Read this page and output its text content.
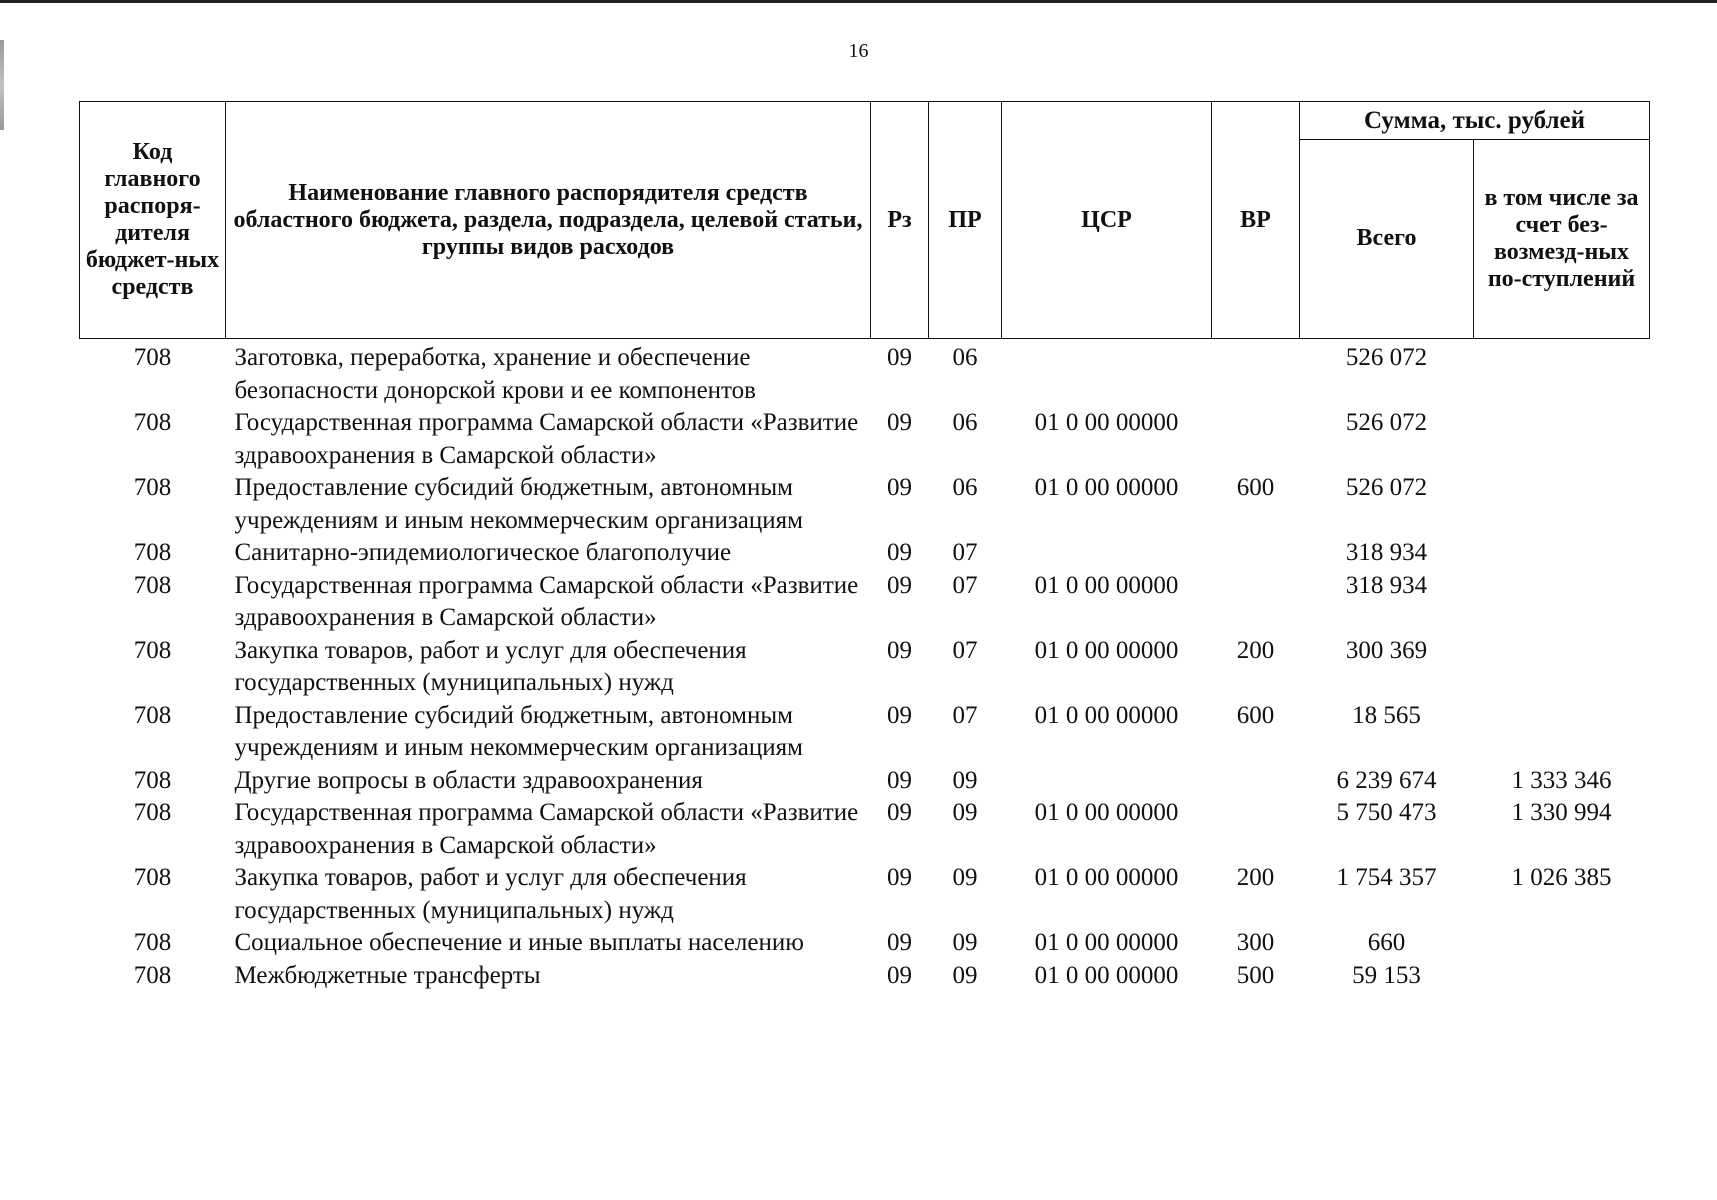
16
Код главного распоря-дителя бюджет-ных средств	Наименование главного распорядителя средств областного бюджета, раздела, подраздела, целевой статьи, группы видов расходов	Рз	ПР	ЦСР	ВР	Сумма, тыс. рублей	
						Всего	в том числе за счет без-возмезд-ных по-ступлений
708	Заготовка, переработка, хранение и обеспечение безопасности донорской крови и ее компонентов	09	06			526 072	
708	Государственная программа Самарской области «Развитие здравоохранения в Самарской области»	09	06	01 0 00 00000		526 072	
708	Предоставление субсидий бюджетным, автономным учреждениям и иным некоммерческим организациям	09	06	01 0 00 00000	600	526 072	
708	Санитарно-эпидемиологическое благополучие	09	07			318 934	
708	Государственная программа Самарской области «Развитие здравоохранения в Самарской области»	09	07	01 0 00 00000		318 934	
708	Закупка товаров, работ и услуг для обеспечения государственных (муниципальных) нужд	09	07	01 0 00 00000	200	300 369	
708	Предоставление субсидий бюджетным, автономным учреждениям и иным некоммерческим организациям	09	07	01 0 00 00000	600	18 565	
708	Другие вопросы в области здравоохранения	09	09			6 239 674	1 333 346
708	Государственная программа Самарской области «Развитие здравоохранения в Самарской области»	09	09	01 0 00 00000		5 750 473	1 330 994
708	Закупка товаров, работ и услуг для обеспечения государственных (муниципальных) нужд	09	09	01 0 00 00000	200	1 754 357	1 026 385
708	Социальное обеспечение и иные выплаты населению	09	09	01 0 00 00000	300	660	
708	Межбюджетные трансферты	09	09	01 0 00 00000	500	59 153	
